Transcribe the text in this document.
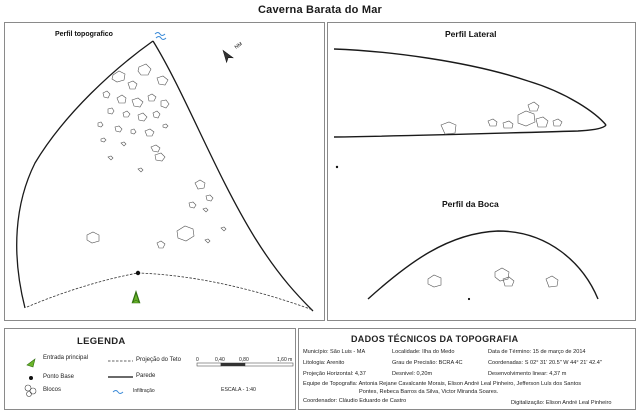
Caverna Barata do Mar
Perfil topografico
NM
Perfil Lateral
Perfil da Boca
LEGENDA
Entrada principal
Ponto Base
Blocos
Projeção do Teto
Parede
Infiltração
0	0,40	0,80	1,60 m
ESCALA - 1:40
DADOS TÉCNICOS DA TOPOGRAFIA
Município: São Luis - MA	Localidade: Ilha do Medo	Data de Término: 15 de março de 2014
Litologia: Arenito	Grau de Precisão: BCRA 4C	Coordenadas: S 02° 31' 20.5" W 44° 21' 42.4"
Projeção Horizontal: 4,37	Desnivel: 0,20m	Desenvolvimento linear: 4,37 m
Equipe de Topografia: Antonia Rejane Cavalcante Morais, Elison André Leal Pinheiro, Jefferson Luís dos Santos
Pontes, Rebeca Barros da Silva, Victor Miranda Soares.
Coordenador: Cláudio Eduardo de Castro	Digitalização: Elison André Leal Pinheiro
